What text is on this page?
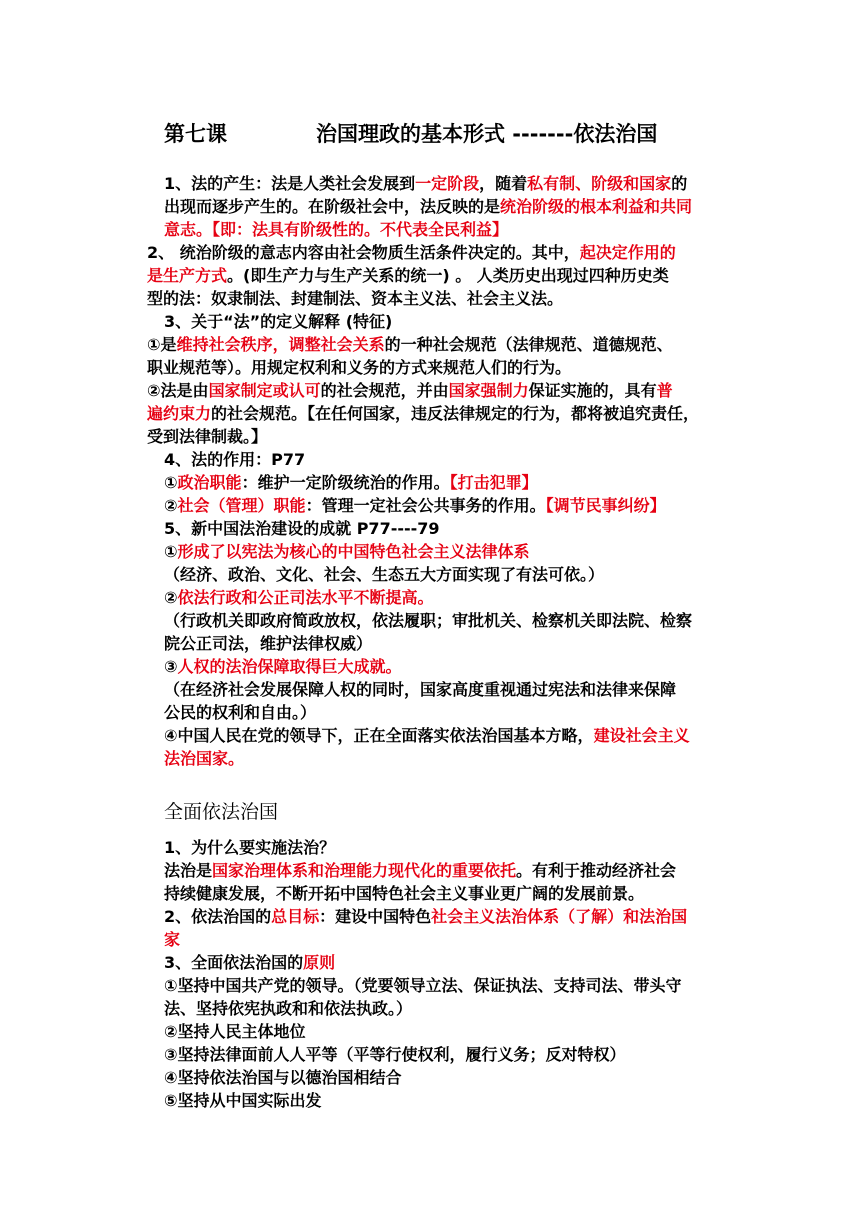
第七课	治国理政的基本形式 -------依法治国
1、法的产生：法是人类社会发展到一定阶段，随着私有制、阶级和国家的
出现而逐步产生的。在阶级社会中，法反映的是统治阶级的根本利益和共同
意志。【即：法具有阶级性的。不代表全民利益】
2、 统治阶级的意志内容由社会物质生活条件决定的。其中，起决定作用的
是生产方式。(即生产力与生产关系的统一) 。 人类历史出现过四种历史类
型的法：奴隶制法、封建制法、资本主义法、社会主义法。
3、关于“法”的定义解释 (特征)
①是维持社会秩序，调整社会关系的一种社会规范（法律规范、道德规范、
职业规范等）。用规定权利和义务的方式来规范人们的行为。
②法是由国家制定或认可的社会规范，并由国家强制力保证实施的，具有普
遍约束力的社会规范。【在任何国家，违反法律规定的行为，都将被追究责任，
受到法律制裁。】
4、法的作用：P77
①政治职能：维护一定阶级统治的作用。【打击犯罪】
②社会（管理）职能：管理一定社会公共事务的作用。【调节民事纠纷】
5、新中国法治建设的成就 P77----79
①形成了以宪法为核心的中国特色社会主义法律体系
（经济、政治、文化、社会、生态五大方面实现了有法可依。）
②依法行政和公正司法水平不断提高。
（行政机关即政府简政放权，依法履职；审批机关、检察机关即法院、检察
院公正司法，维护法律权威）
③人权的法治保障取得巨大成就。
（在经济社会发展保障人权的同时，国家高度重视通过宪法和法律来保障
公民的权利和自由。）
④中国人民在党的领导下，正在全面落实依法治国基本方略，建设社会主义
法治国家。
1、为什么要实施法治？
法治是国家治理体系和治理能力现代化的重要依托。有利于推动经济社会
持续健康发展，不断开拓中国特色社会主义事业更广阔的发展前景。
2、依法治国的总目标：建设中国特色社会主义法治体系（了解）和法治国
家
3、全面依法治国的原则
①坚持中国共产党的领导。（党要领导立法、保证执法、支持司法、带头守
法、坚持依宪执政和和依法执政。）
②坚持人民主体地位
③坚持法律面前人人平等（平等行使权利，履行义务；反对特权）
④坚持依法治国与以德治国相结合
⑤坚持从中国实际出发
全面依法治国
